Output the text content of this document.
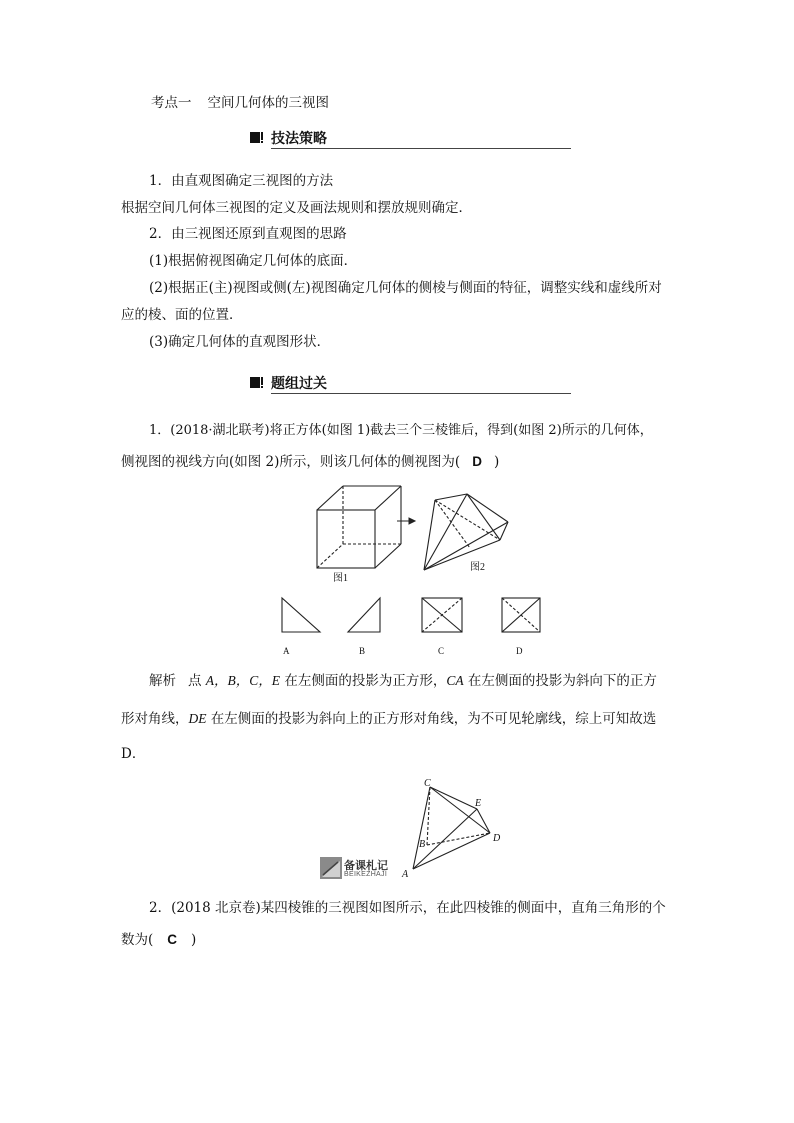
考点一 空间几何体的三视图
技法策略
1．由直观图确定三视图的方法
根据空间几何体三视图的定义及画法规则和摆放规则确定．
2．由三视图还原到直观图的思路
(1)根据俯视图确定几何体的底面．
(2)根据正(主)视图或侧(左)视图确定几何体的侧棱与侧面的特征，调整实线和虚线所对
应的棱、面的位置．
(3)确定几何体的直观图形状．
题组过关
1．(2018·湖北联考)将正方体(如图 1)截去三个三棱锥后，得到(如图 2)所示的几何体，
侧视图的视线方向(如图 2)所示，则该几何体的侧视图为( D )
图1
图2
A	B	C	D
解析 点 A，B，C，E 在左侧面的投影为正方形，CA 在左侧面的投影为斜向下的正方
形对角线，DE 在左侧面的投影为斜向上的正方形对角线，为不可见轮廓线，综上可知故选
D．
C
E
D
B
A
备课札记
BEIKEZHAJI
2．(2018 北京卷)某四棱锥的三视图如图所示，在此四棱锥的侧面中，直角三角形的个
数为( C )
